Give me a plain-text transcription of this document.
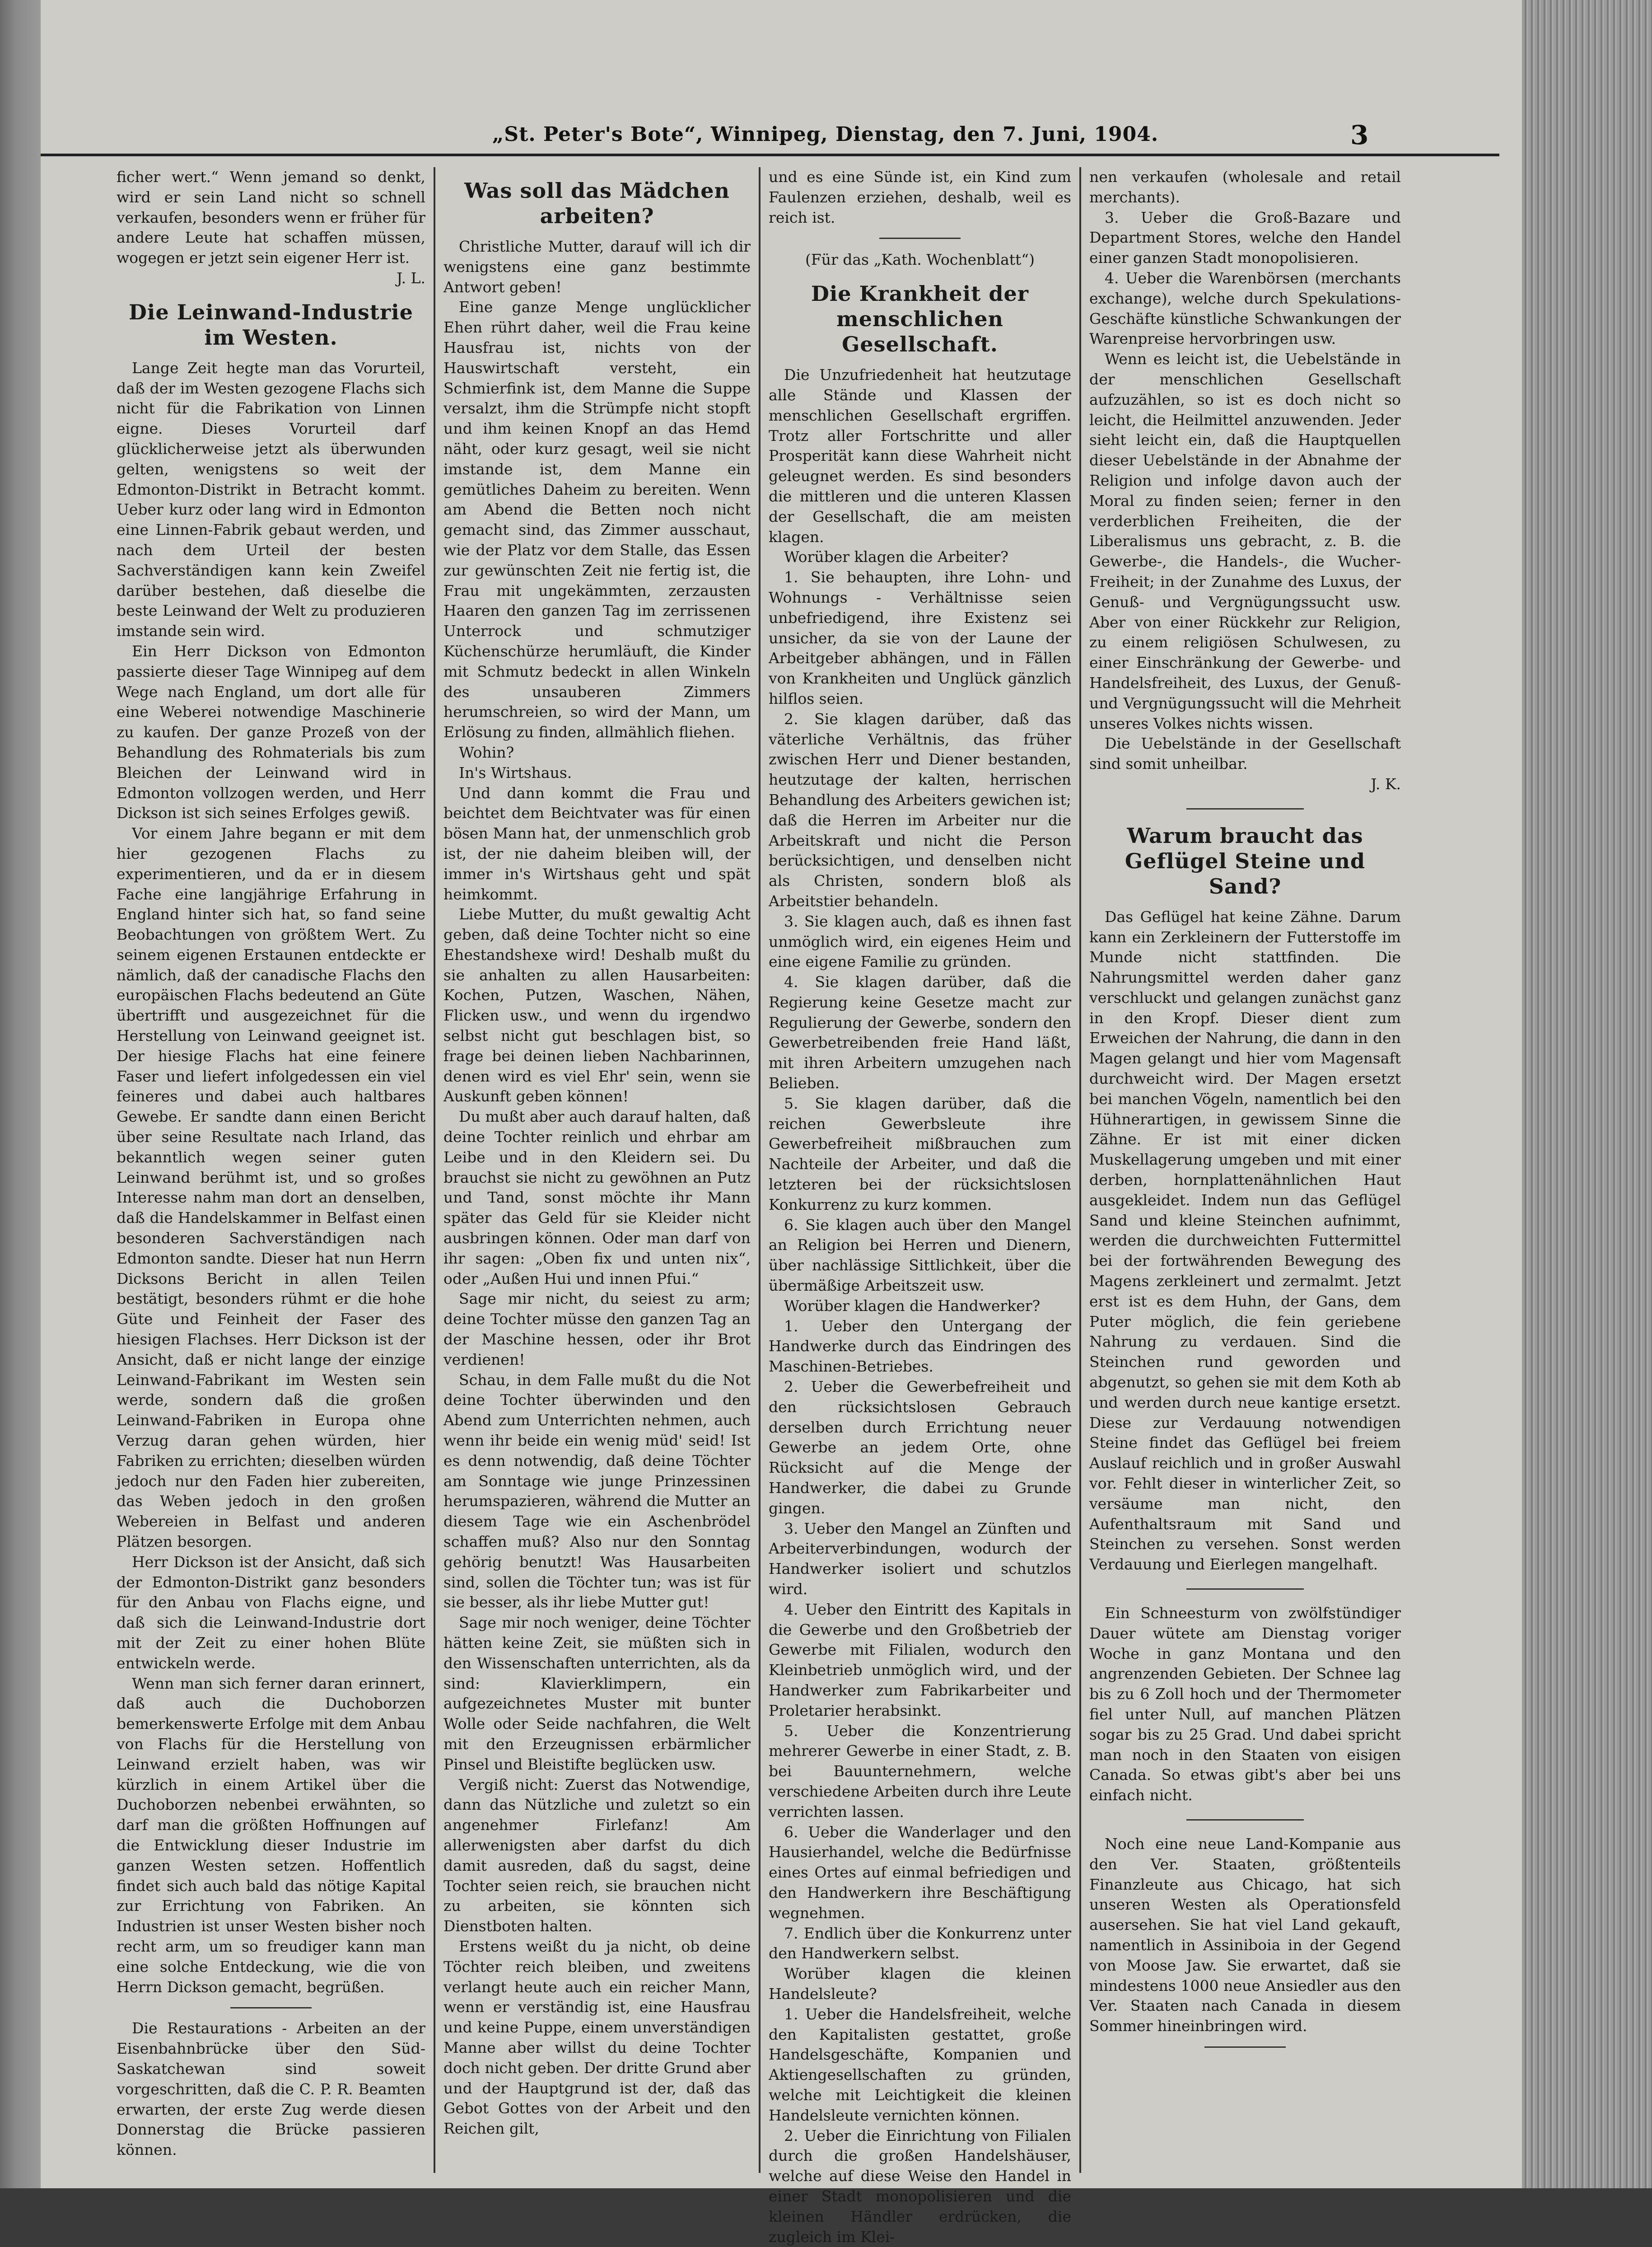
„St. Peter's Bote“, Winnipeg, Dienstag, den 7. Juni, 1904.	3

ficher wert.“ Wenn jemand so denkt, wird er sein Land nicht so schnell verkaufen, besonders wenn er früher für andere Leute hat schaffen müssen, wogegen er jetzt sein eigener Herr ist.

J. L.

Die Leinwand-Industrie im Westen.

Lange Zeit hegte man das Vorurteil, daß der im Westen gezogene Flachs sich nicht für die Fabrikation von Linnen eigne. Dieses Vorurteil darf glücklicherweise jetzt als überwunden gelten, wenigstens so weit der Edmonton-Distrikt in Betracht kommt. Ueber kurz oder lang wird in Edmonton eine Linnen-Fabrik gebaut werden, und nach dem Urteil der besten Sachverständigen kann kein Zweifel darüber bestehen, daß dieselbe die beste Leinwand der Welt zu produzieren imstande sein wird.

Ein Herr Dickson von Edmonton passierte dieser Tage Winnipeg auf dem Wege nach England, um dort alle für eine Weberei notwendige Maschinerie zu kaufen. Der ganze Prozeß von der Behandlung des Rohmaterials bis zum Bleichen der Leinwand wird in Edmonton vollzogen werden, und Herr Dickson ist sich seines Erfolges gewiß.

Vor einem Jahre begann er mit dem hier gezogenen Flachs zu experimentieren, und da er in diesem Fache eine langjährige Erfahrung in England hinter sich hat, so fand seine Beobachtungen von größtem Wert. Zu seinem eigenen Erstaunen entdeckte er nämlich, daß der canadische Flachs den europäischen Flachs bedeutend an Güte übertrifft und ausgezeichnet für die Herstellung von Leinwand geeignet ist. Der hiesige Flachs hat eine feinere Faser und liefert infolgedessen ein viel feineres und dabei auch haltbares Gewebe. Er sandte dann einen Bericht über seine Resultate nach Irland, das bekanntlich wegen seiner guten Leinwand berühmt ist, und so großes Interesse nahm man dort an denselben, daß die Handelskammer in Belfast einen besonderen Sachverständigen nach Edmonton sandte. Dieser hat nun Herrn Dicksons Bericht in allen Teilen bestätigt, besonders rühmt er die hohe Güte und Feinheit der Faser des hiesigen Flachses. Herr Dickson ist der Ansicht, daß er nicht lange der einzige Leinwand-Fabrikant im Westen sein werde, sondern daß die großen Leinwand-Fabriken in Europa ohne Verzug daran gehen würden, hier Fabriken zu errichten; dieselben würden jedoch nur den Faden hier zubereiten, das Weben jedoch in den großen Webereien in Belfast und anderen Plätzen besorgen.

Herr Dickson ist der Ansicht, daß sich der Edmonton-Distrikt ganz besonders für den Anbau von Flachs eigne, und daß sich die Leinwand-Industrie dort mit der Zeit zu einer hohen Blüte entwickeln werde.

Wenn man sich ferner daran erinnert, daß auch die Duchoborzen bemerkenswerte Erfolge mit dem Anbau von Flachs für die Herstellung von Leinwand erzielt haben, was wir kürzlich in einem Artikel über die Duchoborzen nebenbei erwähnten, so darf man die größten Hoffnungen auf die Entwicklung dieser Industrie im ganzen Westen setzen. Hoffentlich findet sich auch bald das nötige Kapital zur Errichtung von Fabriken. An Industrien ist unser Westen bisher noch recht arm, um so freudiger kann man eine solche Entdeckung, wie die von Herrn Dickson gemacht, begrüßen.

Die Restaurations - Arbeiten an der Eisenbahnbrücke über den Süd-Saskatchewan sind soweit vorgeschritten, daß die C. P. R. Beamten erwarten, der erste Zug werde diesen Donnerstag die Brücke passieren können.

Was soll das Mädchen arbeiten?

Christliche Mutter, darauf will ich dir wenigstens eine ganz bestimmte Antwort geben!

Eine ganze Menge unglücklicher Ehen rührt daher, weil die Frau keine Hausfrau ist, nichts von der Hauswirtschaft versteht, ein Schmierfink ist, dem Manne die Suppe versalzt, ihm die Strümpfe nicht stopft und ihm keinen Knopf an das Hemd näht, oder kurz gesagt, weil sie nicht imstande ist, dem Manne ein gemütliches Daheim zu bereiten. Wenn am Abend die Betten noch nicht gemacht sind, das Zimmer ausschaut, wie der Platz vor dem Stalle, das Essen zur gewünschten Zeit nie fertig ist, die Frau mit ungekämmten, zerzausten Haaren den ganzen Tag im zerrissenen Unterrock und schmutziger Küchenschürze herumläuft, die Kinder mit Schmutz bedeckt in allen Winkeln des unsauberen Zimmers herumschreien, so wird der Mann, um Erlösung zu finden, allmählich fliehen.

Wohin?

In's Wirtshaus.

Und dann kommt die Frau und beichtet dem Beichtvater was für einen bösen Mann hat, der unmenschlich grob ist, der nie daheim bleiben will, der immer in's Wirtshaus geht und spät heimkommt.

Liebe Mutter, du mußt gewaltig Acht geben, daß deine Tochter nicht so eine Ehestandshexe wird! Deshalb mußt du sie anhalten zu allen Hausarbeiten: Kochen, Putzen, Waschen, Nähen, Flicken usw., und wenn du irgendwo selbst nicht gut beschlagen bist, so frage bei deinen lieben Nachbarinnen, denen wird es viel Ehr' sein, wenn sie Auskunft geben können!

Du mußt aber auch darauf halten, daß deine Tochter reinlich und ehrbar am Leibe und in den Kleidern sei. Du brauchst sie nicht zu gewöhnen an Putz und Tand, sonst möchte ihr Mann später das Geld für sie Kleider nicht ausbringen können. Oder man darf von ihr sagen: „Oben fix und unten nix“, oder „Außen Hui und innen Pfui.“

Sage mir nicht, du seiest zu arm; deine Tochter müsse den ganzen Tag an der Maschine hessen, oder ihr Brot verdienen!

Schau, in dem Falle mußt du die Not deine Tochter überwinden und den Abend zum Unterrichten nehmen, auch wenn ihr beide ein wenig müd' seid! Ist es denn notwendig, daß deine Töchter am Sonntage wie junge Prinzessinen herumspazieren, während die Mutter an diesem Tage wie ein Aschenbrödel schaffen muß? Also nur den Sonntag gehörig benutzt! Was Hausarbeiten sind, sollen die Töchter tun; was ist für sie besser, als ihr liebe Mutter gut!

Sage mir noch weniger, deine Töchter hätten keine Zeit, sie müßten sich in den Wissenschaften unterrichten, als da sind: Klavierklimpern, ein aufgezeichnetes Muster mit bunter Wolle oder Seide nachfahren, die Welt mit den Erzeugnissen erbärmlicher Pinsel und Bleistifte beglücken usw.

Vergiß nicht: Zuerst das Notwendige, dann das Nützliche und zuletzt so ein angenehmer Firlefanz! Am allerwenigsten aber darfst du dich damit ausreden, daß du sagst, deine Tochter seien reich, sie brauchen nicht zu arbeiten, sie könnten sich Dienstboten halten.

Erstens weißt du ja nicht, ob deine Töchter reich bleiben, und zweitens verlangt heute auch ein reicher Mann, wenn er verständig ist, eine Hausfrau und keine Puppe, einem unverständigen Manne aber willst du deine Tochter doch nicht geben. Der dritte Grund aber und der Hauptgrund ist der, daß das Gebot Gottes von der Arbeit und den Reichen gilt,

und es eine Sünde ist, ein Kind zum Faulenzen erziehen, deshalb, weil es reich ist.

(Für das „Kath. Wochenblatt“)

Die Krankheit der menschlichen Gesellschaft.

Die Unzufriedenheit hat heutzutage alle Stände und Klassen der menschlichen Gesellschaft ergriffen. Trotz aller Fortschritte und aller Prosperität kann diese Wahrheit nicht geleugnet werden. Es sind besonders die mittleren und die unteren Klassen der Gesellschaft, die am meisten klagen.

Worüber klagen die Arbeiter?

1. Sie behaupten, ihre Lohn- und Wohnungs - Verhältnisse seien unbefriedigend, ihre Existenz sei unsicher, da sie von der Laune der Arbeitgeber abhängen, und in Fällen von Krankheiten und Unglück gänzlich hilflos seien.

2. Sie klagen darüber, daß das väterliche Verhältnis, das früher zwischen Herr und Diener bestanden, heutzutage der kalten, herrischen Behandlung des Arbeiters gewichen ist; daß die Herren im Arbeiter nur die Arbeitskraft und nicht die Person berücksichtigen, und denselben nicht als Christen, sondern bloß als Arbeitstier behandeln.

3. Sie klagen auch, daß es ihnen fast unmöglich wird, ein eigenes Heim und eine eigene Familie zu gründen.

4. Sie klagen darüber, daß die Regierung keine Gesetze macht zur Regulierung der Gewerbe, sondern den Gewerbetreibenden freie Hand läßt, mit ihren Arbeitern umzugehen nach Belieben.

5. Sie klagen darüber, daß die reichen Gewerbsleute ihre Gewerbefreiheit mißbrauchen zum Nachteile der Arbeiter, und daß die letzteren bei der rücksichtslosen Konkurrenz zu kurz kommen.

6. Sie klagen auch über den Mangel an Religion bei Herren und Dienern, über nachlässige Sittlichkeit, über die übermäßige Arbeitszeit usw.

Worüber klagen die Handwerker?

1. Ueber den Untergang der Handwerke durch das Eindringen des Maschinen-Betriebes.

2. Ueber die Gewerbefreiheit und den rücksichtslosen Gebrauch derselben durch Errichtung neuer Gewerbe an jedem Orte, ohne Rücksicht auf die Menge der Handwerker, die dabei zu Grunde gingen.

3. Ueber den Mangel an Zünften und Arbeiterverbindungen, wodurch der Handwerker isoliert und schutzlos wird.

4. Ueber den Eintritt des Kapitals in die Gewerbe und den Großbetrieb der Gewerbe mit Filialen, wodurch den Kleinbetrieb unmöglich wird, und der Handwerker zum Fabrikarbeiter und Proletarier herabsinkt.

5. Ueber die Konzentrierung mehrerer Gewerbe in einer Stadt, z. B. bei Bauunternehmern, welche verschiedene Arbeiten durch ihre Leute verrichten lassen.

6. Ueber die Wanderlager und den Hausierhandel, welche die Bedürfnisse eines Ortes auf einmal befriedigen und den Handwerkern ihre Beschäftigung wegnehmen.

7. Endlich über die Konkurrenz unter den Handwerkern selbst.

Worüber klagen die kleinen Handelsleute?

1. Ueber die Handelsfreiheit, welche den Kapitalisten gestattet, große Handelsgeschäfte, Kompanien und Aktiengesellschaften zu gründen, welche mit Leichtigkeit die kleinen Handelsleute vernichten können.

2. Ueber die Einrichtung von Filialen durch die großen Handelshäuser, welche auf diese Weise den Handel in einer Stadt monopolisieren und die kleinen Händler erdrücken, die zugleich im Klei-

nen verkaufen (wholesale and retail merchants).

3. Ueber die Groß-Bazare und Department Stores, welche den Handel einer ganzen Stadt monopolisieren.

4. Ueber die Warenbörsen (merchants exchange), welche durch Spekulations-Geschäfte künstliche Schwankungen der Warenpreise hervorbringen usw.

Wenn es leicht ist, die Uebelstände in der menschlichen Gesellschaft aufzuzählen, so ist es doch nicht so leicht, die Heilmittel anzuwenden. Jeder sieht leicht ein, daß die Hauptquellen dieser Uebelstände in der Abnahme der Religion und infolge davon auch der Moral zu finden seien; ferner in den verderblichen Freiheiten, die der Liberalismus uns gebracht, z. B. die Gewerbe-, die Handels-, die Wucher-Freiheit; in der Zunahme des Luxus, der Genuß- und Vergnügungssucht usw. Aber von einer Rückkehr zur Religion, zu einem religiösen Schulwesen, zu einer Einschränkung der Gewerbe- und Handelsfreiheit, des Luxus, der Genuß- und Vergnügungssucht will die Mehrheit unseres Volkes nichts wissen.

Die Uebelstände in der Gesellschaft sind somit unheilbar.

J. K.

Warum braucht das Geflügel Steine und Sand?

Das Geflügel hat keine Zähne. Darum kann ein Zerkleinern der Futterstoffe im Munde nicht stattfinden. Die Nahrungsmittel werden daher ganz verschluckt und gelangen zunächst ganz in den Kropf. Dieser dient zum Erweichen der Nahrung, die dann in den Magen gelangt und hier vom Magensaft durchweicht wird. Der Magen ersetzt bei manchen Vögeln, namentlich bei den Hühnerartigen, in gewissem Sinne die Zähne. Er ist mit einer dicken Muskellagerung umgeben und mit einer derben, hornplattenähnlichen Haut ausgekleidet. Indem nun das Geflügel Sand und kleine Steinchen aufnimmt, werden die durchweichten Futtermittel bei der fortwährenden Bewegung des Magens zerkleinert und zermalmt. Jetzt erst ist es dem Huhn, der Gans, dem Puter möglich, die fein geriebene Nahrung zu verdauen. Sind die Steinchen rund geworden und abgenutzt, so gehen sie mit dem Koth ab und werden durch neue kantige ersetzt. Diese zur Verdauung notwendigen Steine findet das Geflügel bei freiem Auslauf reichlich und in großer Auswahl vor. Fehlt dieser in winterlicher Zeit, so versäume man nicht, den Aufenthaltsraum mit Sand und Steinchen zu versehen. Sonst werden Verdauung und Eierlegen mangelhaft.

Ein Schneesturm von zwölfstündiger Dauer wütete am Dienstag voriger Woche in ganz Montana und den angrenzenden Gebieten. Der Schnee lag bis zu 6 Zoll hoch und der Thermometer fiel unter Null, auf manchen Plätzen sogar bis zu 25 Grad. Und dabei spricht man noch in den Staaten von eisigen Canada. So etwas gibt's aber bei uns einfach nicht.

Noch eine neue Land-Kompanie aus den Ver. Staaten, größtenteils Finanzleute aus Chicago, hat sich unseren Westen als Operationsfeld ausersehen. Sie hat viel Land gekauft, namentlich in Assiniboia in der Gegend von Moose Jaw. Sie erwartet, daß sie mindestens 1000 neue Ansiedler aus den Ver. Staaten nach Canada in diesem Sommer hineinbringen wird.
